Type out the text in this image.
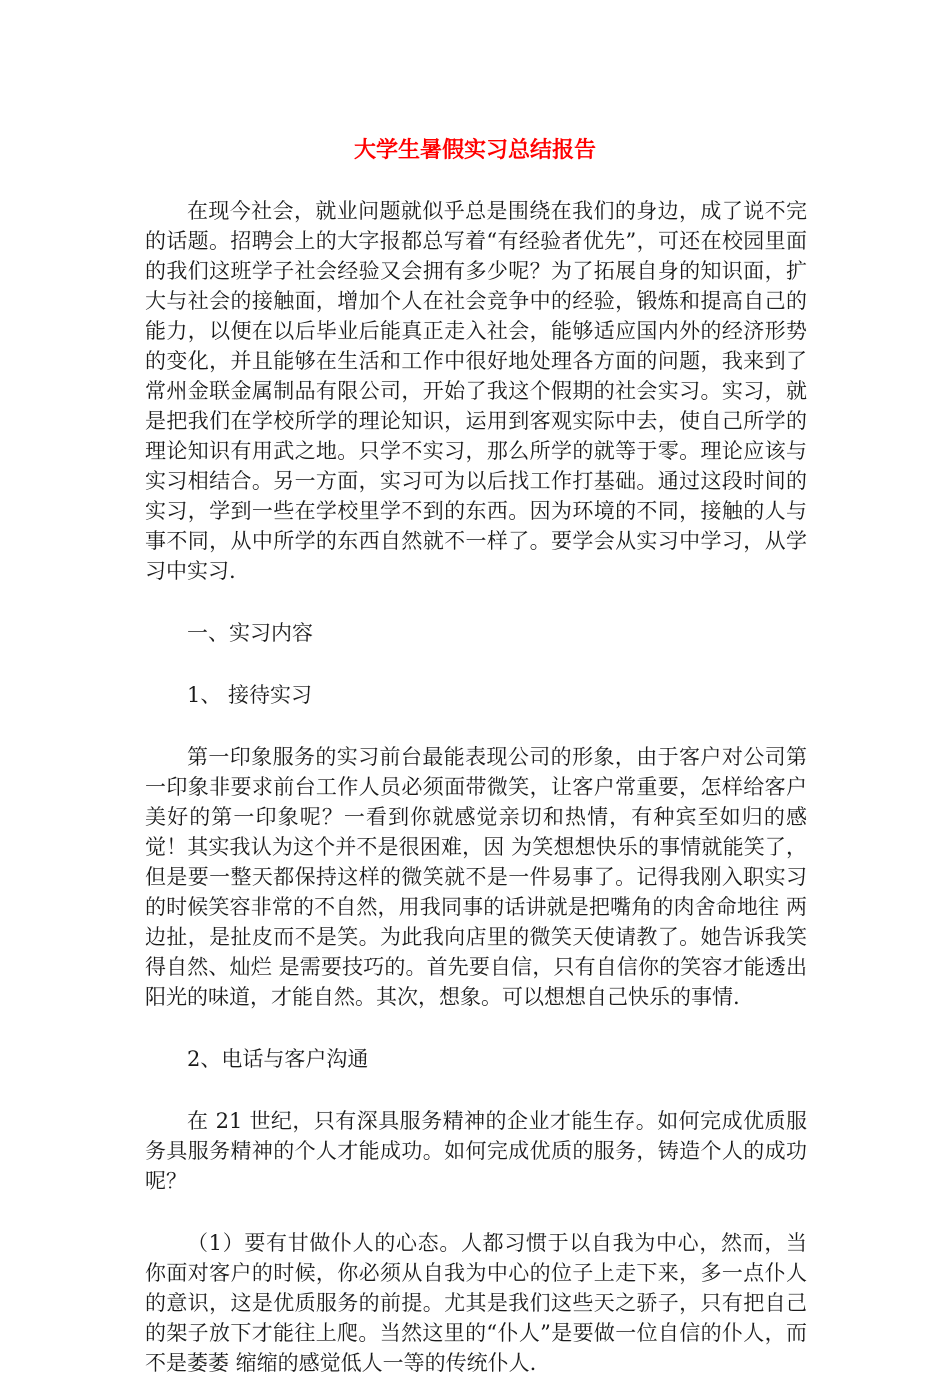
大学生暑假实习总结报告

在现今社会，就业问题就似乎总是围绕在我们的身边，成了说不完的话题。招聘会上的大字报都总写着“有经验者优先”，可还在校园里面的我们这班学子社会经验又会拥有多少呢？为了拓展自身的知识面，扩大与社会的接触面，增加个人在社会竞争中的经验，锻炼和提高自己的能力，以便在以后毕业后能真正走入社会，能够适应国内外的经济形势的变化，并且能够在生活和工作中很好地处理各方面的问题，我来到了常州金联金属制品有限公司，开始了我这个假期的社会实习。实习，就是把我们在学校所学的理论知识，运用到客观实际中去，使自己所学的理论知识有用武之地。只学不实习，那么所学的就等于零。理论应该与实习相结合。另一方面，实习可为以后找工作打基础。通过这段时间的实习，学到一些在学校里学不到的东西。因为环境的不同，接触的人与事不同，从中所学的东西自然就不一样了。要学会从实习中学习，从学习中实习.

一、实习内容

1、 接待实习

第一印象服务的实习前台最能表现公司的形象，由于客户对公司第一印象非要求前台工作人员必须面带微笑，让客户常重要，怎样给客户美好的第一印象呢？一看到你就感觉亲切和热情，有种宾至如归的感觉！其实我认为这个并不是很困难，因 为笑想想快乐的事情就能笑了，但是要一整天都保持这样的微笑就不是一件易事了。记得我刚入职实习的时候笑容非常的不自然，用我同事的话讲就是把嘴角的肉舍命地往 两边扯，是扯皮而不是笑。为此我向店里的微笑天使请教了。她告诉我笑得自然、灿烂 是需要技巧的。首先要自信，只有自信你的笑容才能透出阳光的味道，才能自然。其次，想象。可以想想自己快乐的事情.

2、电话与客户沟通

在 21 世纪，只有深具服务精神的企业才能生存。如何完成优质服务具服务精神的个人才能成功。如何完成优质的服务，铸造个人的成功呢？

（1）要有甘做仆人的心态。人都习惯于以自我为中心，然而，当你面对客户的时候，你必须从自我为中心的位子上走下来，多一点仆人的意识，这是优质服务的前提。尤其是我们这些天之骄子，只有把自己的架子放下才能往上爬。当然这里的“仆人”是要做一位自信的仆人，而不是萎萎 缩缩的感觉低人一等的传统仆人.
